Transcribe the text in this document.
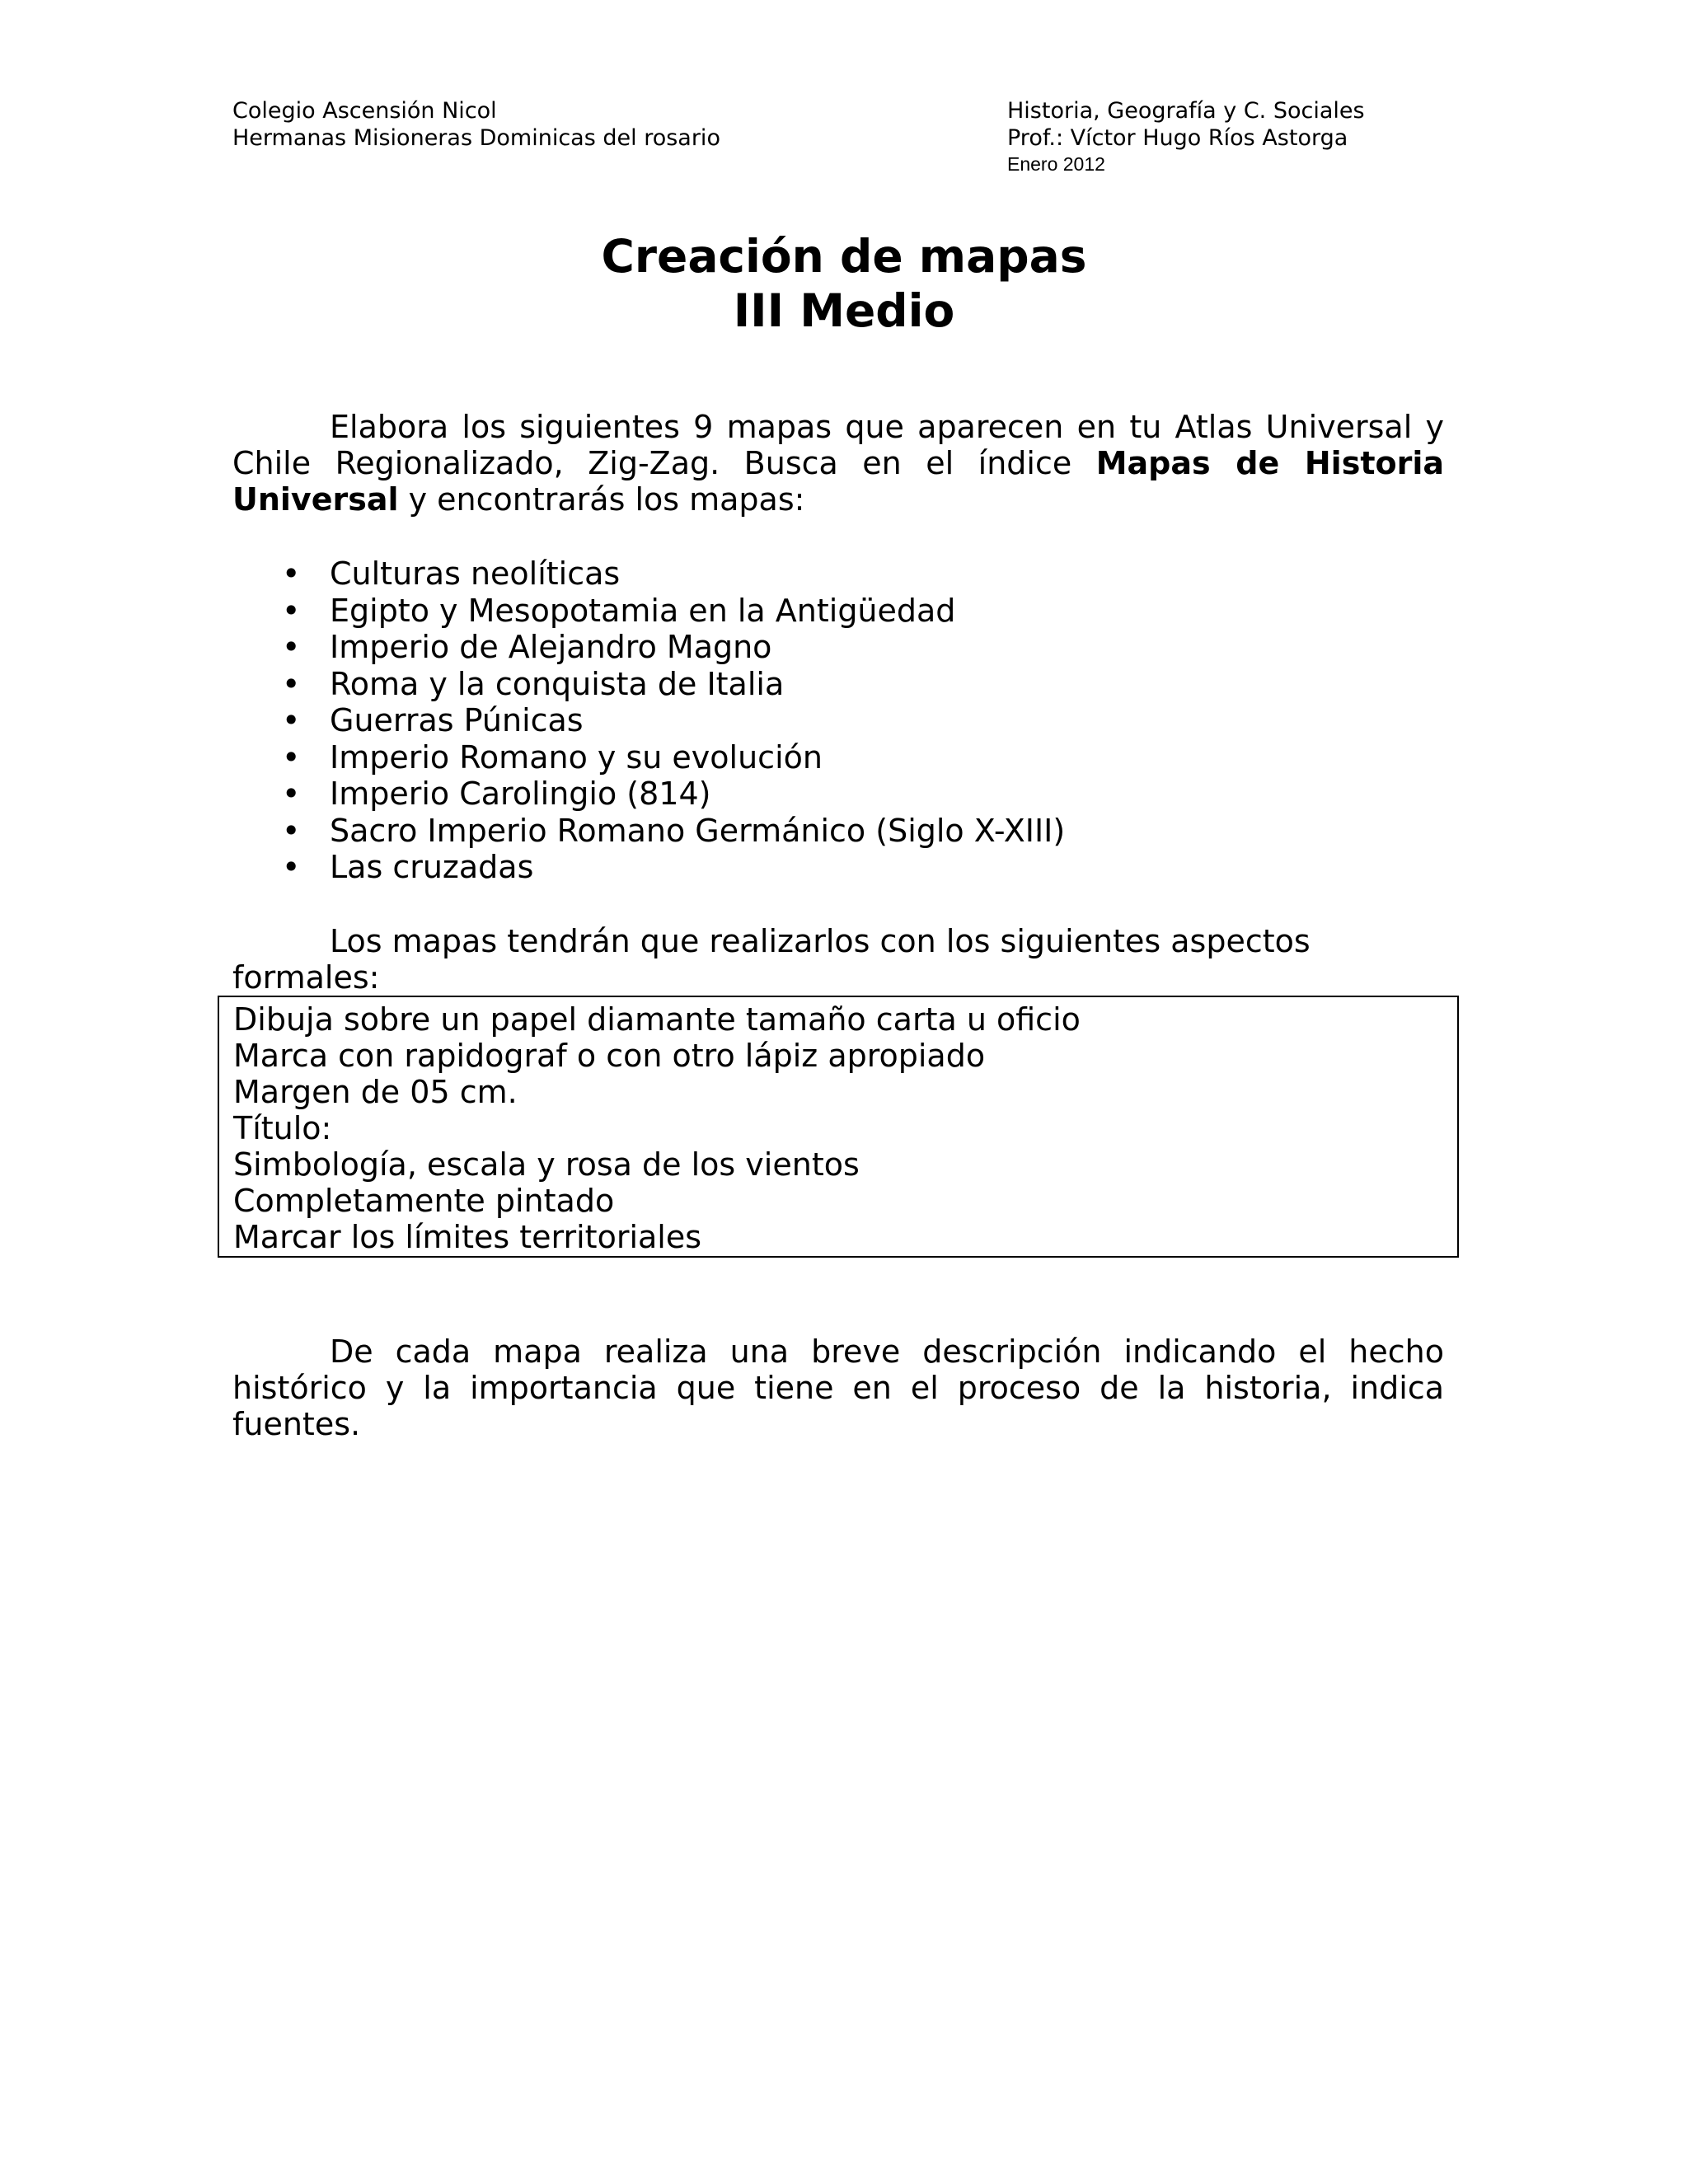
Colegio Ascensión Nicol
Hermanas Misioneras Dominicas del rosario
Historia, Geografía y C. Sociales
Prof.: Víctor Hugo Ríos Astorga
Enero 2012
Creación de mapas
III Medio

Elabora los siguientes 9 mapas que aparecen en tu Atlas Universal y Chile Regionalizado, Zig-Zag. Busca en el índice Mapas de Historia Universal y encontrarás los mapas:

• Culturas neolíticas
• Egipto y Mesopotamia en la Antigüedad
• Imperio de Alejandro Magno
• Roma y la conquista de Italia
• Guerras Púnicas
• Imperio Romano y su evolución
• Imperio Carolingio (814)
• Sacro Imperio Romano Germánico (Siglo X-XIII)
• Las cruzadas

Los mapas tendrán que realizarlos con los siguientes aspectos formales:

Dibuja sobre un papel diamante tamaño carta u oficio
Marca con rapidograf o con otro lápiz apropiado
Margen de 05 cm.
Título:
Simbología, escala y rosa de los vientos
Completamente pintado
Marcar los límites territoriales

De cada mapa realiza una breve descripción indicando el hecho histórico y la importancia que tiene en el proceso de la historia, indica fuentes.
